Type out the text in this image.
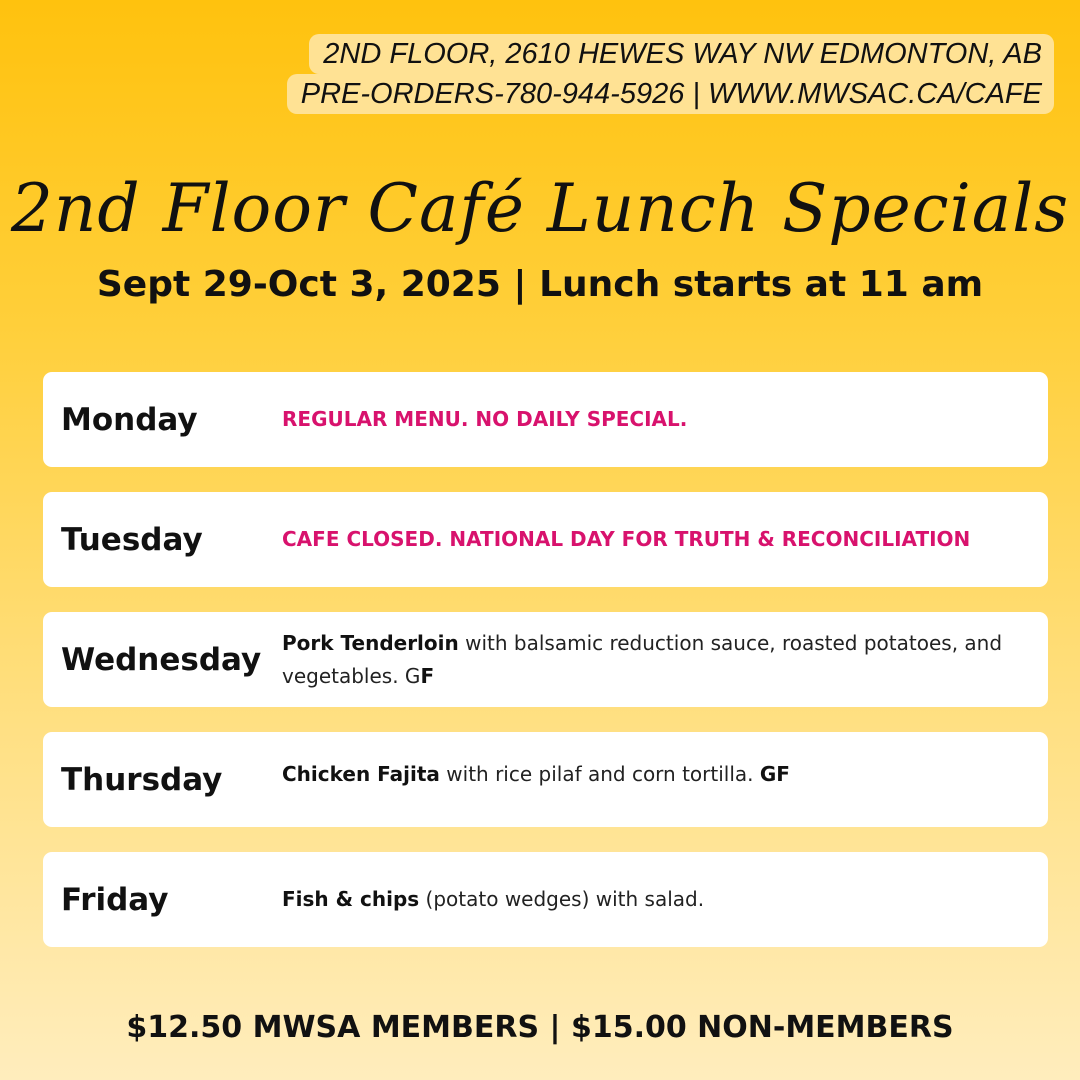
2ND FLOOR, 2610 HEWES WAY NW EDMONTON, AB
PRE-ORDERS-780-944-5926 | WWW.MWSAC.CA/CAFE
2nd Floor Café Lunch Specials
Sept 29-Oct 3, 2025 | Lunch starts at 11 am
Monday	REGULAR MENU. NO DAILY SPECIAL.
Tuesday	CAFE CLOSED. NATIONAL DAY FOR TRUTH & RECONCILIATION
Wednesday Pork Tenderloin with balsamic reduction sauce, roasted potatoes, and vegetables. GF
Thursday	Chicken Fajita with rice pilaf and corn tortilla. GF
Friday	Fish & chips (potato wedges) with salad.
$12.50 MWSA MEMBERS | $15.00 NON-MEMBERS
